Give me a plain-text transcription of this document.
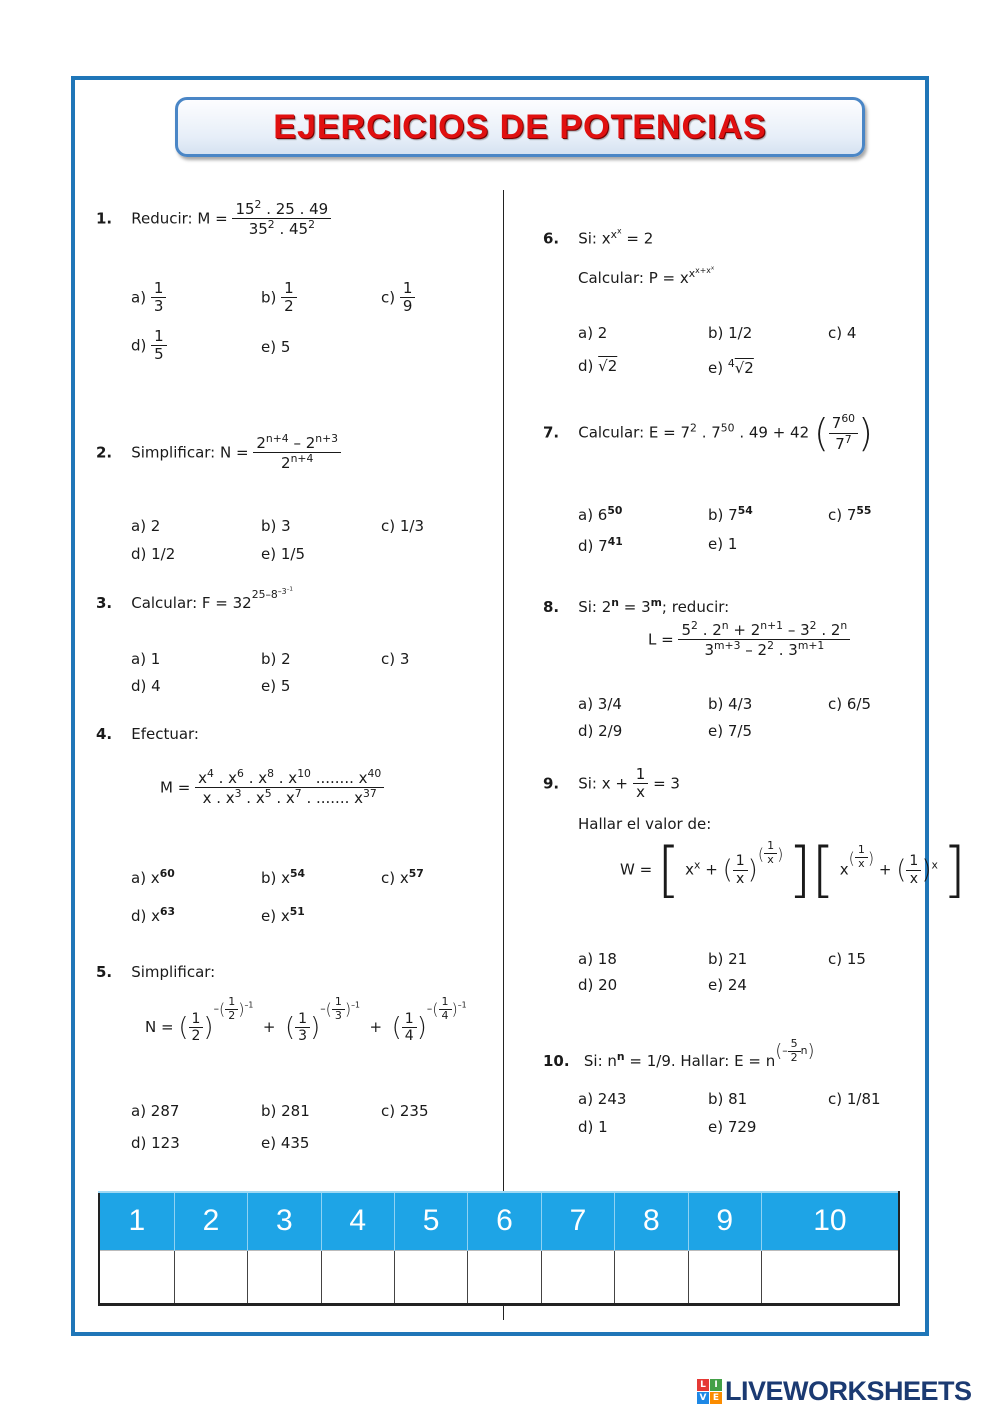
EJERCICIOS DE POTENCIAS
1. Reducir: $M = \frac{15^2 . 25 . 49}{35^2 . 45^2}$
$a) \frac{1}{3}$	$b) \frac{1}{2}$	$c) \frac{1}{9}$
$d) \frac{1}{5}$	e) 5
2. Simplificar: $N = \frac{2^{n+4} - 2^{n+3}}{2^{n+4}}$
a) 2	b) 3	c) 1/3
d) 1/2	e) 1/5
3. Calcular: $F = 32^{25-8^{-3^{-1}}}$
a) 1	b) 2	c) 3
d) 4	e) 5
4. Efectuar:
$M = \frac{x^4 . x^6 . x^8 . x^{10} ........ x^{40}}{x . x^3 . x^5 . x^7 . ....... x^{37}}$
a) $x^{60}$	b) $x^{54}$	c) $x^{57}$
d) $x^{63}$	e) $x^{51}$
5. Simplificar:
N = ( $\frac{1}{2} )^{-( \frac{1}{2} )^{-1}}$  + ( $\frac{1}{3} )^{-( \frac{1}{3} )^{-1}}$  + ( $\frac{1}{4} )^{-( \frac{1}{4} )^{-1}}$
a) 287	b) 281	c) 235
d) 123	e) 435
6. Si: $x^{x^x} = 2$
Calcular: $P = x^{x^{x+x^x}}$
a) 2	b) 1/2	c) 4
d) √2	e) $^4$√2
7. Calcular: $E = 7^2$ . $7^{50}$ . 49 + 42 ( $\frac{7^{60}}{7^7}$ )
a) $6^{50}$	b) $7^{54}$	c) $7^{55}$
d) $7^{41}$	e) 1
8. Si: $2^n = 3^m$; reducir:
$L = \frac{5^2 . 2^n + 2^{n+1} - 3^2 . 2^n}{3^{m+3} - 2^2 . 3^{m+1}}$
a) 3/4	b) 4/3	c) 6/5
d) 2/9	e) 7/5
9. Si: $x + \frac{1}{x} = 3$
Hallar el valor de:
W = [ $x^x$ + ( $\frac{1}{x} )^{( \frac{1}{x} )}$ ][ $x^{( \frac{1}{x} )}$ + ( $\frac{1}{x} )^x$ ]
a) 18	b) 21	c) 15
d) 20	e) 24
10. Si: $n^n = 1/9$. Hallar: $E = n^{(- \frac{5}{2} n)}$
a) 243	b) 81	c) 1/81
d) 1	e) 729
1	2	3	4	5	6	7	8	9	10

L I
V E LIVEWORKSHEETS
